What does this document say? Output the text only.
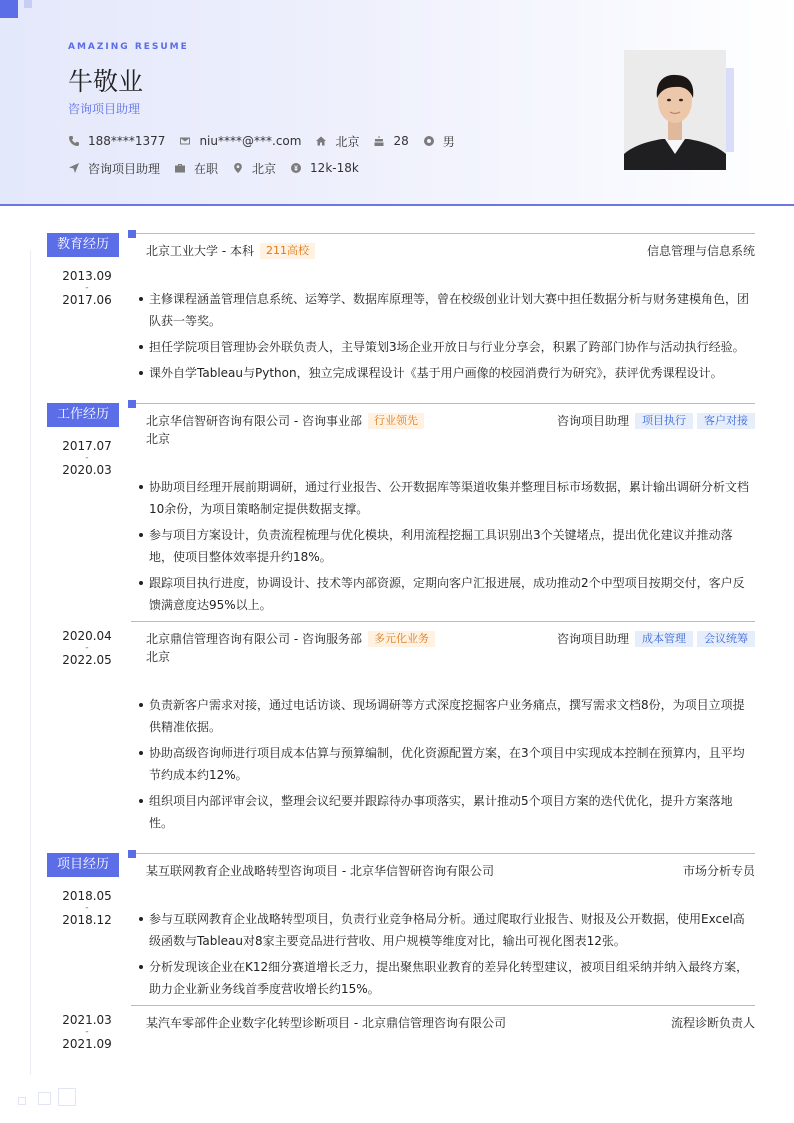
AMAZING RESUME
牛敬业
咨询项目助理
188****1377	niu****@***.com	北京	28	男
咨询项目助理	在职	北京	12k-18k
教育经历	北京工业大学 - 本科	211高校	信息管理与信息系统
2013.09
-
2017.06	主修课程涵盖管理信息系统、运筹学、数据库原理等，曾在校级创业计划大赛中担任数据分析与财务建模角色，团队获一等奖。
担任学院项目管理协会外联负责人，主导策划3场企业开放日与行业分享会，积累了跨部门协作与活动执行经验。
课外自学Tableau与Python，独立完成课程设计《基于用户画像的校园消费行为研究》，获评优秀课程设计。
工作经历	北京华信智研咨询有限公司 - 咨询事业部	行业领先	咨询项目助理	项目执行	客户对接
北京
2017.07
-
2020.03
协助项目经理开展前期调研，通过行业报告、公开数据库等渠道收集并整理目标市场数据，累计输出调研分析文档10余份，为项目策略制定提供数据支撑。
参与项目方案设计，负责流程梳理与优化模块，利用流程挖掘工具识别出3个关键堵点，提出优化建议并推动落地，使项目整体效率提升约18%。
跟踪项目执行进度，协调设计、技术等内部资源，定期向客户汇报进展，成功推动2个中型项目按期交付，客户反馈满意度达95%以上。
北京鼎信管理咨询有限公司 - 咨询服务部	多元化业务	咨询项目助理	成本管理	会议统筹
北京
2020.04
-
2022.05
负责新客户需求对接，通过电话访谈、现场调研等方式深度挖掘客户业务痛点，撰写需求文档8份，为项目立项提供精准依据。
协助高级咨询师进行项目成本估算与预算编制，优化资源配置方案，在3个项目中实现成本控制在预算内，且平均节约成本约12%。
组织项目内部评审会议，整理会议纪要并跟踪待办事项落实，累计推动5个项目方案的迭代优化，提升方案落地性。
项目经历	某互联网教育企业战略转型咨询项目 - 北京华信智研咨询有限公司	市场分析专员
2018.05
-
2018.12	参与互联网教育企业战略转型项目，负责行业竞争格局分析。通过爬取行业报告、财报及公开数据，使用Excel高级函数与Tableau对8家主要竞品进行营收、用户规模等维度对比，输出可视化图表12张。
分析发现该企业在K12细分赛道增长乏力，提出聚焦职业教育的差异化转型建议，被项目组采纳并纳入最终方案，助力企业新业务线首季度营收增长约15%。
某汽车零部件企业数字化转型诊断项目 - 北京鼎信管理咨询有限公司	流程诊断负责人
2021.03
-
2021.09
